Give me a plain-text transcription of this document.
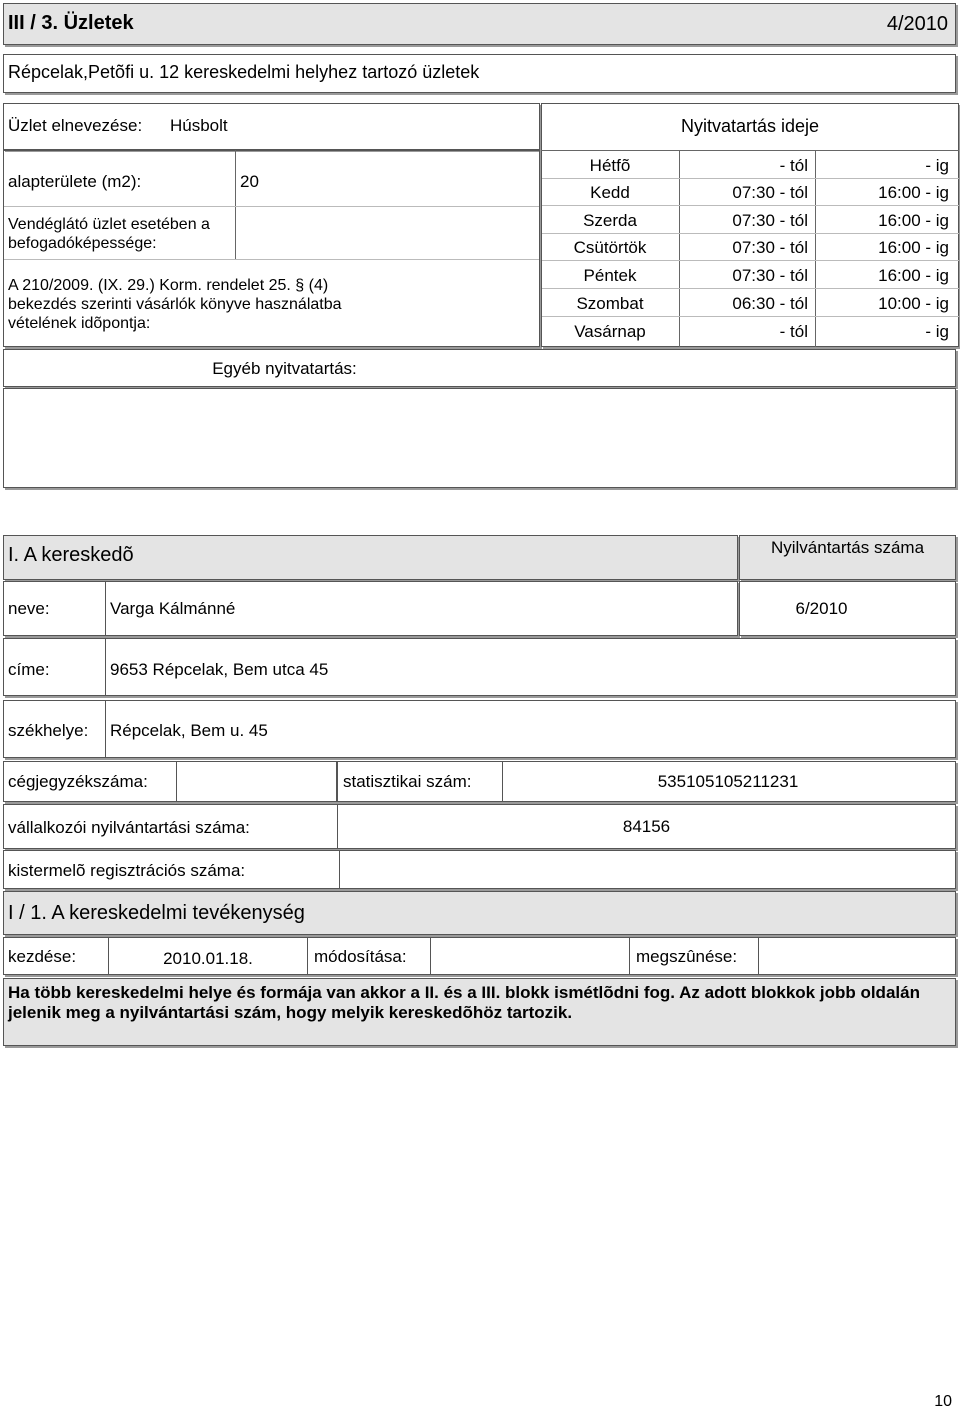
III / 3. Üzletek	4/2010
Répcelak,Petõfi u. 12 kereskedelmi helyhez tartozó üzletek
Üzlet elnevezése: Húsbolt
alapterülete (m2):	20
Vendéglátó üzlet esetében a befogadóképessége:
A 210/2009. (IX. 29.) Korm. rendelet 25. § (4) bekezdés szerinti vásárlók könyve használatba vételének idõpontja:
Nyitvatartás ideje
Hétfõ	- tól	- ig
Kedd	07:30 - tól	16:00 - ig
Szerda	07:30 - tól	16:00 - ig
Csütörtök	07:30 - tól	16:00 - ig
Péntek	07:30 - tól	16:00 - ig
Szombat	06:30 - tól	10:00 - ig
Vasárnap	- tól	- ig
Egyéb nyitvatartás:
I. A kereskedõ	Nyilvántartás száma
neve:	Varga Kálmánné	6/2010
címe:	9653 Répcelak, Bem utca 45
székhelye: Répcelak, Bem u. 45
cégjegyzékszáma:	statisztikai szám:	535105105211231
vállalkozói nyilvántartási száma:	84156
kistermelõ regisztrációs száma:
I / 1. A kereskedelmi tevékenység
kezdése:	2010.01.18.	módosítása:	megszûnése:
Ha több kereskedelmi helye és formája van akkor a II. és a III. blokk ismétlõdni fog. Az adott blokkok jobb oldalán jelenik meg a nyilvántartási szám, hogy melyik kereskedõhöz tartozik.
10
